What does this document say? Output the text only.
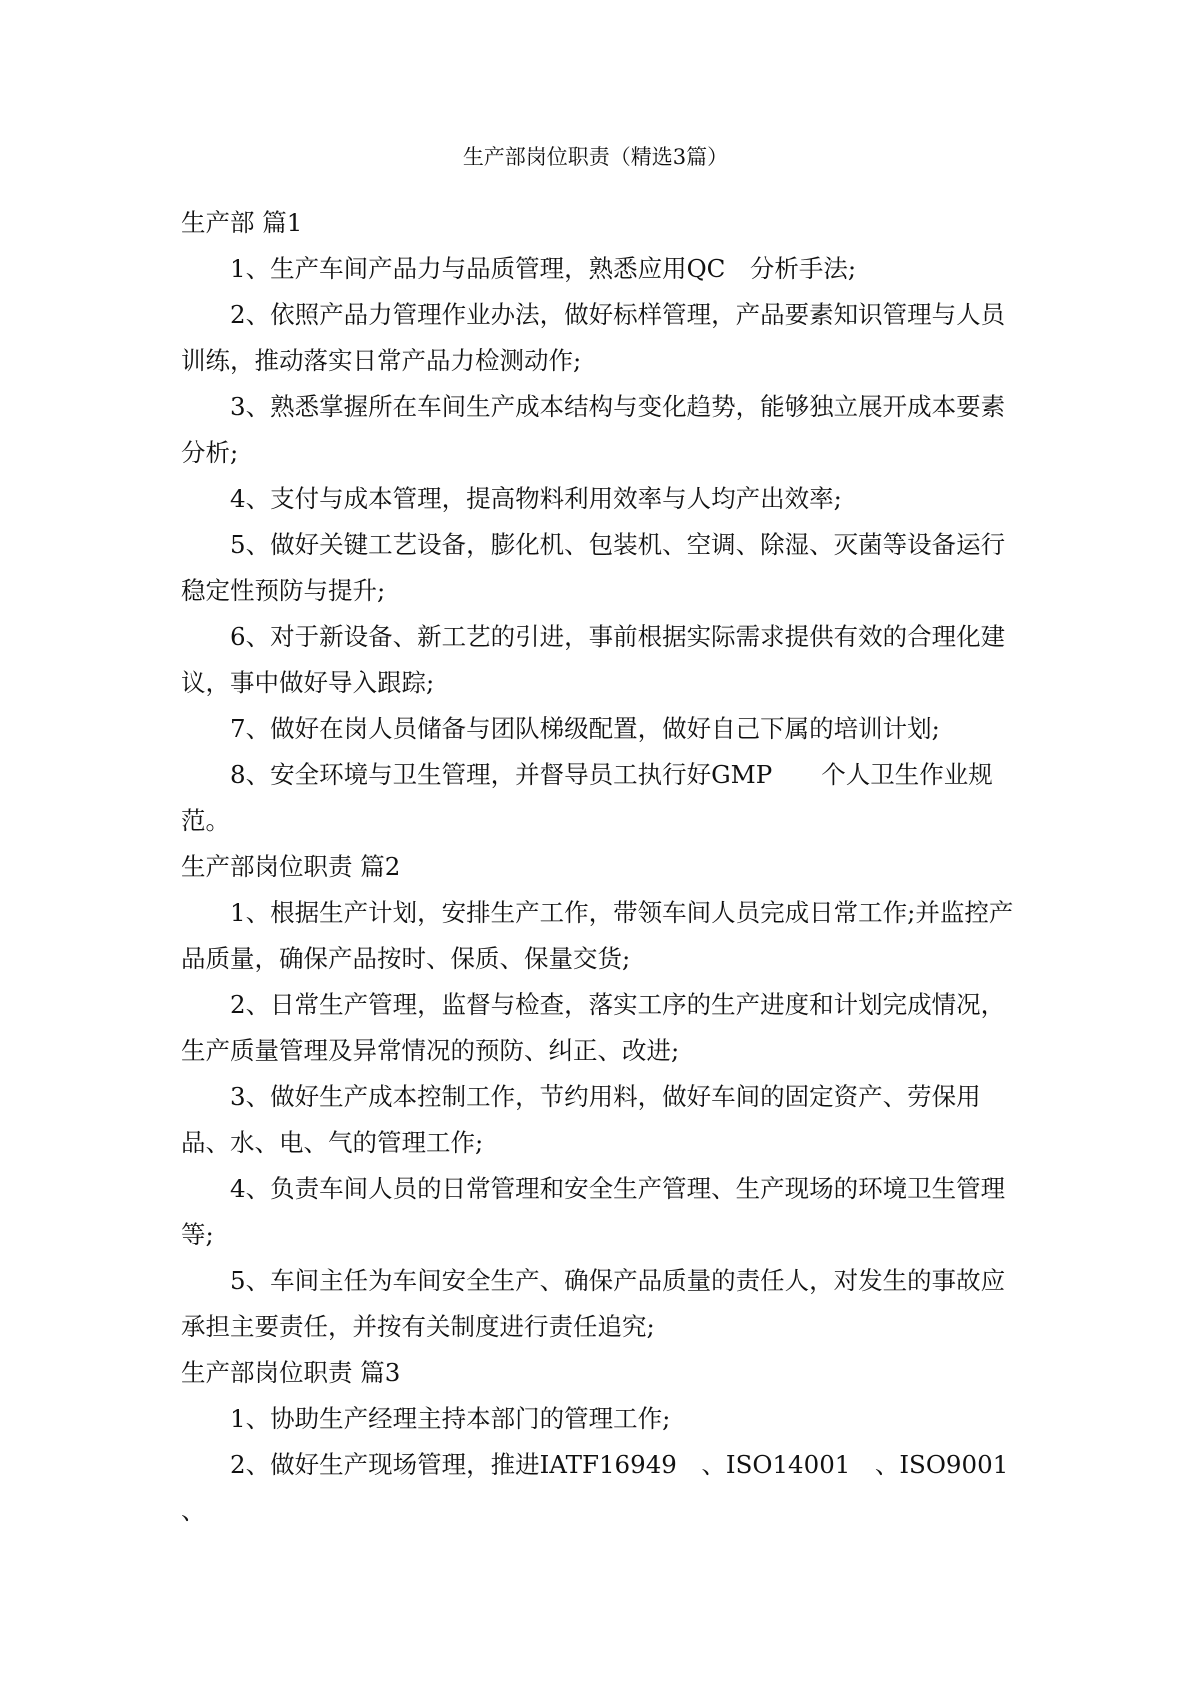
生产部岗位职责（精选3篇）

生产部 篇1

1、生产车间产品力与品质管理，熟悉应用QC　分析手法;

2、依照产品力管理作业办法，做好标样管理，产品要素知识管理与人员训练，推动落实日常产品力检测动作;

3、熟悉掌握所在车间生产成本结构与变化趋势，能够独立展开成本要素分析;

4、支付与成本管理，提高物料利用效率与人均产出效率;

5、做好关键工艺设备，膨化机、包装机、空调、除湿、灭菌等设备运行稳定性预防与提升;

6、对于新设备、新工艺的引进，事前根据实际需求提供有效的合理化建议，事中做好导入跟踪;

7、做好在岗人员储备与团队梯级配置，做好自己下属的培训计划;

8、安全环境与卫生管理，并督导员工执行好GMP　　个人卫生作业规范。

生产部岗位职责 篇2

1、根据生产计划，安排生产工作，带领车间人员完成日常工作;并监控产品质量，确保产品按时、保质、保量交货;

2、日常生产管理，监督与检查，落实工序的生产进度和计划完成情况，生产质量管理及异常情况的预防、纠正、改进;

3、做好生产成本控制工作，节约用料，做好车间的固定资产、劳保用品、水、电、气的管理工作;

4、负责车间人员的日常管理和安全生产管理、生产现场的环境卫生管理等;

5、车间主任为车间安全生产、确保产品质量的责任人，对发生的事故应承担主要责任，并按有关制度进行责任追究;

生产部岗位职责 篇3

1、协助生产经理主持本部门的管理工作;

2、做好生产现场管理，推进IATF16949　、ISO14001　、ISO9001　、
